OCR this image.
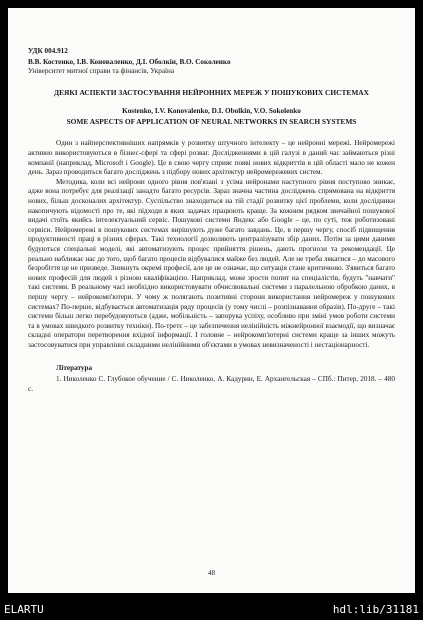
УДК 004.912
В.В. Костенко, І.В. Коноваленко, Д.І. Оболкін, В.О. Соколенко
Університет митної справи та фінансів, Україна
ДЕЯКІ АСПЕКТИ ЗАСТОСУВАННЯ НЕЙРОННИХ МЕРЕЖ У ПОШУКОВИХ СИСТЕМАХ
Kostenko, I.V. Konovalenko, D.I. Obolkin, V.O. Sokolenko
SOME ASPECTS OF APPLICATION OF NEURAL NETWORKS IN SEARCH SYSTEMS

Один з найперспективніших напрямків у розвитку штучного інтелекту – це нейронні мережі. Нейромережі активно використовуються в бізнес-сфері та сфері розваг. Дослідженнями в цій галузі в даний час займаються різні компанії (наприклад, Microsoft і Google). Це в свою чергу сприяє появі нових відкриттів в цій області мало не кожен день. Зараз проводиться багато досліджень з підбору нових архітектур нейромережевих систем.

Методика, коли всі нейрони одного рівня пов'язані з усіма нейронами наступного рівня поступово зникає, адже вона потребує для реалізації занадто багато ресурсів. Зараз значна частина досліджень спрямована на відкриття нових, більш досконалих архітектур. Суспільство знаходиться на тій стадії розвитку цієї проблеми, коли дослідники накопичують відомості про те, які підходи в яких задачах працюють краще. За кожним рядком звичайної пошукової видачі стоїть якийсь інтелектуальний сервіс. Пошукові системи Яндекс або Google – це, по суті, теж роботизовані сервіси. Нейромережі в пошукових системах вирішують дуже багато завдань. Це, в першу чергу, спосіб підвищення продуктивності праці в різних сферах. Такі технології дозволяють централізувати збір даних. Потім за цими даними будуються спеціальні моделі, які автоматизують процес прийняття рішень, дають прогнози та рекомендації. Це реально наближає нас до того, щоб багато процесів відбувалися майже без людей. Але не треба лякатися – до масового безробіття це не призведе. Зникнуть окремі професії, але це не означає, що ситуація стане критичною. З'явиться багато нових професій для людей з різною кваліфікацією. Наприклад, може зрости попит на спеціалістів, будуть "навчати" такі системи. В реальному часі необхідно використовувати обчислювальні системи з паралельною обробкою даних, в першу чергу – нейрокомп'ютери. У чому ж полягають позитивні сторони використання нейромереж у пошукових системах? По-перше, відбувається автоматизація ряду процесів (у тому числі – розпізнавання образів). По-друге – такі системи більш легко перебудовуються (адже, мобільність – запорука успіху, особливо при зміні умов роботи системи та в умовах швидкого розвитку техніки). По-третє – це забезпечення нелінійність міжнейронної взаємодії, що визначає складні оператори перетворення вхідної інформації. І головне – нейрокомп'ютерні системи краще за інших можуть застосовуватися при управлінні складними нелінійними об'єктами в умовах невизначеності і нестаціонарності.

Література
1. Николенко С. Глубокое обучение / С. Николенко, А. Кадурин, Е. Архангельская – СПб.: Питер, 2018. – 480 с.
48
ELARTU	hdl:lib/31181
